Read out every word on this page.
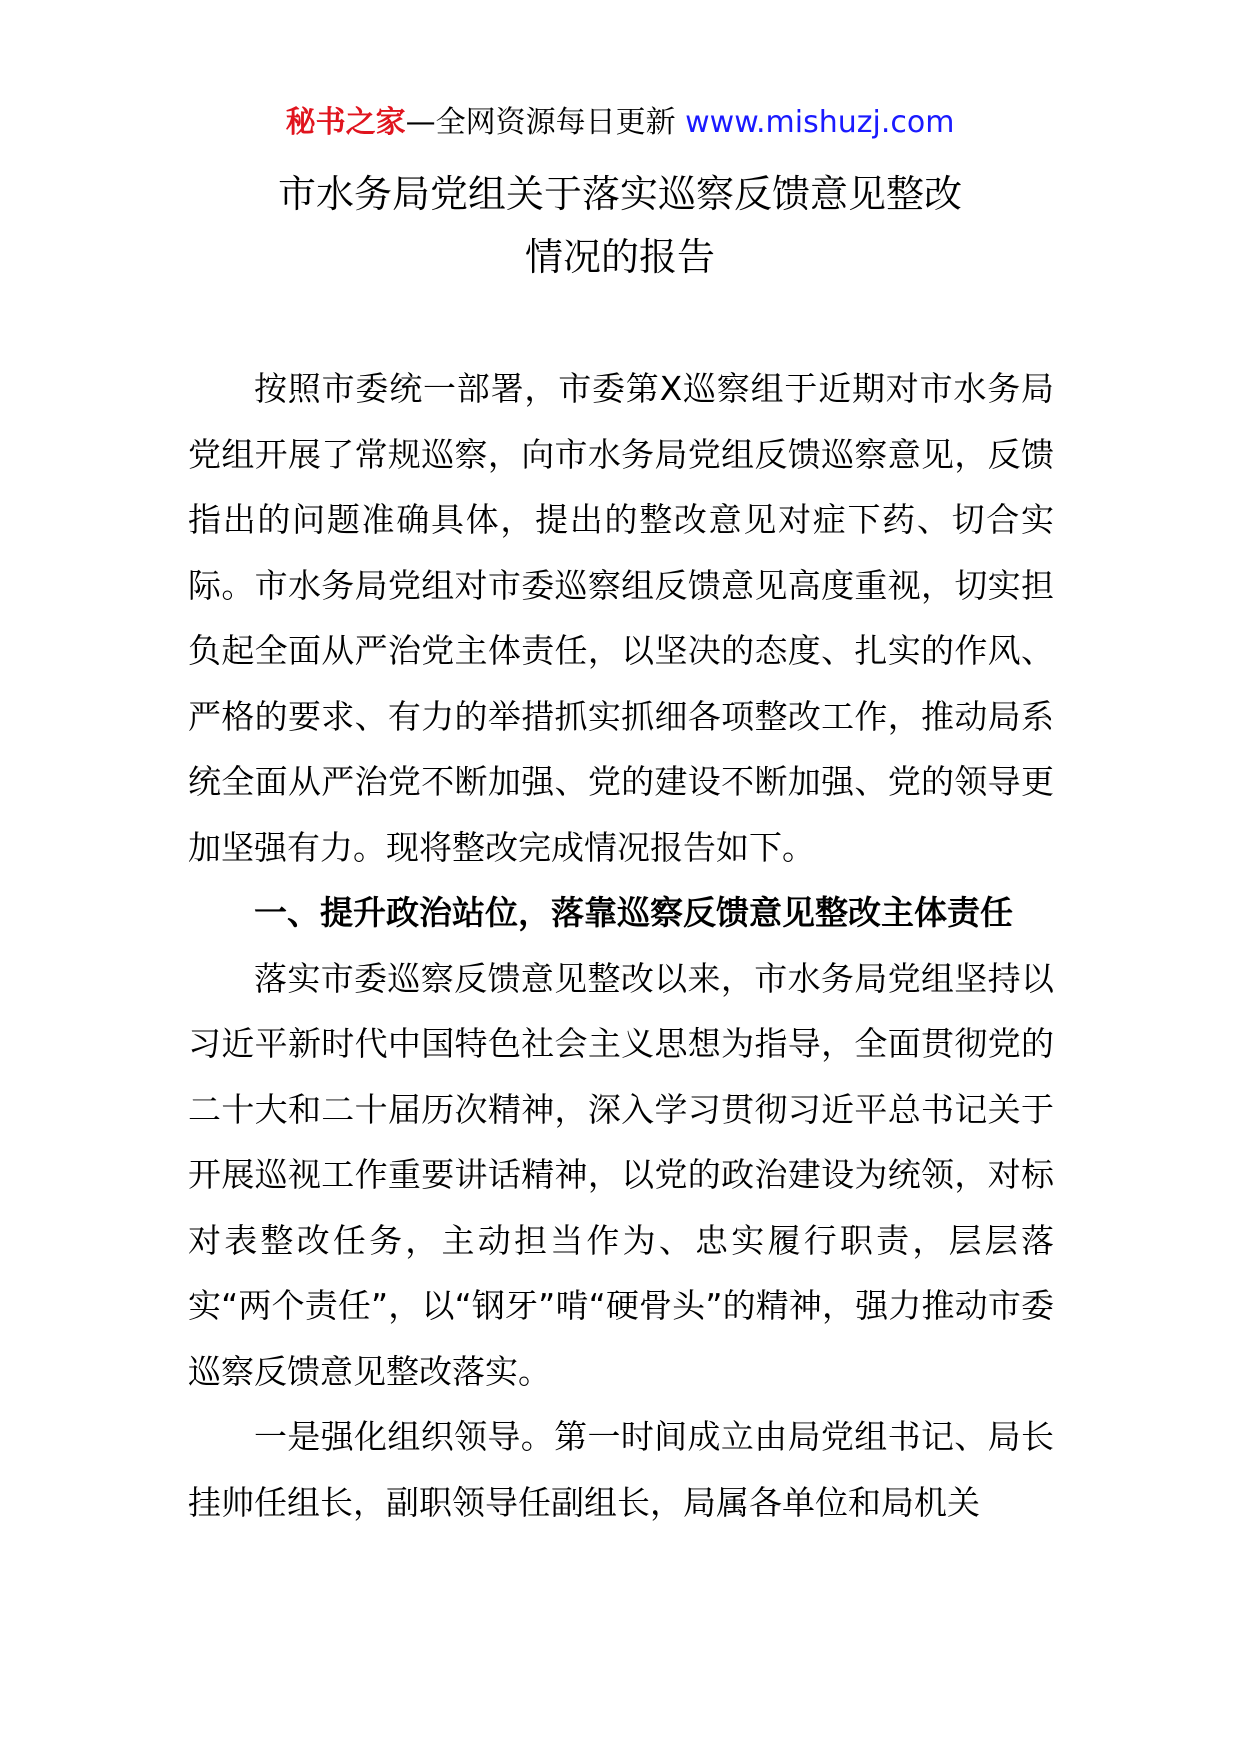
秘书之家—全网资源每日更新 www.mishuzj.com
市水务局党组关于落实巡察反馈意见整改
情况的报告

按照市委统一部署，市委第X巡察组于近期对市水务局党组开展了常规巡察，向市水务局党组反馈巡察意见，反馈指出的问题准确具体，提出的整改意见对症下药、切合实际。市水务局党组对市委巡察组反馈意见高度重视，切实担负起全面从严治党主体责任，以坚决的态度、扎实的作风、严格的要求、有力的举措抓实抓细各项整改工作，推动局系统全面从严治党不断加强、党的建设不断加强、党的领导更加坚强有力。现将整改完成情况报告如下。

一、提升政治站位，落靠巡察反馈意见整改主体责任

落实市委巡察反馈意见整改以来，市水务局党组坚持以习近平新时代中国特色社会主义思想为指导，全面贯彻党的二十大和二十届历次精神，深入学习贯彻习近平总书记关于开展巡视工作重要讲话精神，以党的政治建设为统领，对标对表整改任务，主动担当作为、忠实履行职责，层层落实“两个责任”，以“钢牙”啃“硬骨头”的精神，强力推动市委巡察反馈意见整改落实。

一是强化组织领导。第一时间成立由局党组书记、局长挂帅任组长，副职领导任副组长，局属各单位和局机关
